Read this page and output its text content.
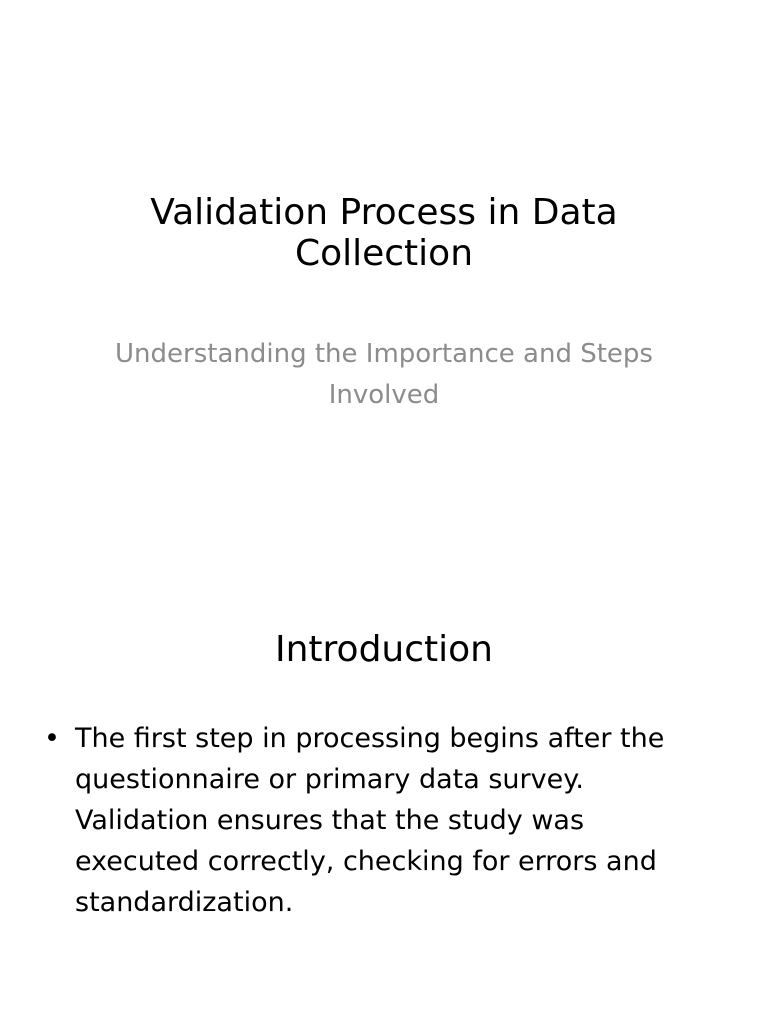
Validation Process in Data Collection
Understanding the Importance and Steps Involved
Introduction
• The first step in processing begins after the questionnaire or primary data survey. Validation ensures that the study was executed correctly, checking for errors and standardization.
